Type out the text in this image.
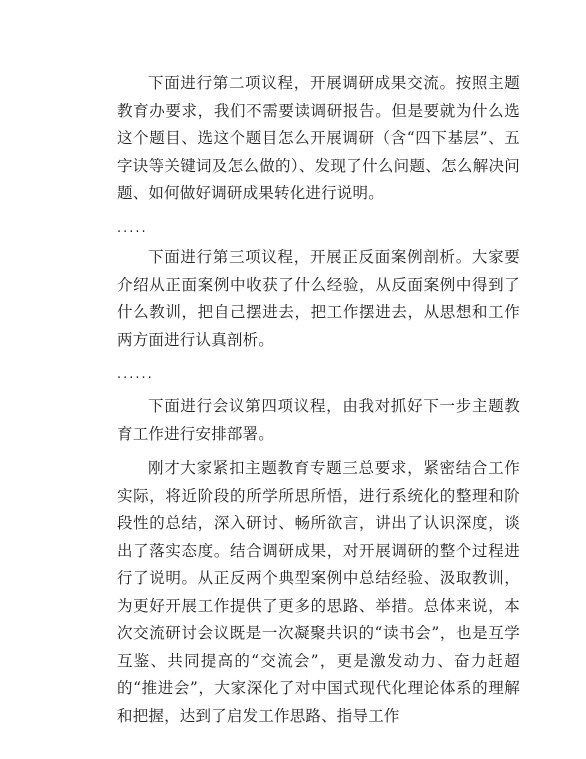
下面进行第二项议程，开展调研成果交流。按照主题教育办要求，我们不需要读调研报告。但是要就为什么选这个题目、选这个题目怎么开展调研（含“四下基层”、五字诀等关键词及怎么做的）、发现了什么问题、怎么解决问题、如何做好调研成果转化进行说明。

.....

下面进行第三项议程，开展正反面案例剖析。大家要介绍从正面案例中收获了什么经验，从反面案例中得到了什么教训，把自己摆进去，把工作摆进去，从思想和工作两方面进行认真剖析。

......

下面进行会议第四项议程，由我对抓好下一步主题教育工作进行安排部署。

刚才大家紧扣主题教育专题三总要求，紧密结合工作实际，将近阶段的所学所思所悟，进行系统化的整理和阶段性的总结，深入研讨、畅所欲言，讲出了认识深度，谈出了落实态度。结合调研成果，对开展调研的整个过程进行了说明。从正反两个典型案例中总结经验、汲取教训，为更好开展工作提供了更多的思路、举措。总体来说，本次交流研讨会议既是一次凝聚共识的“读书会”，也是互学互鉴、共同提高的“交流会”，更是激发动力、奋力赶超的“推进会”，大家深化了对中国式现代化理论体系的理解和把握，达到了启发工作思路、指导工作
